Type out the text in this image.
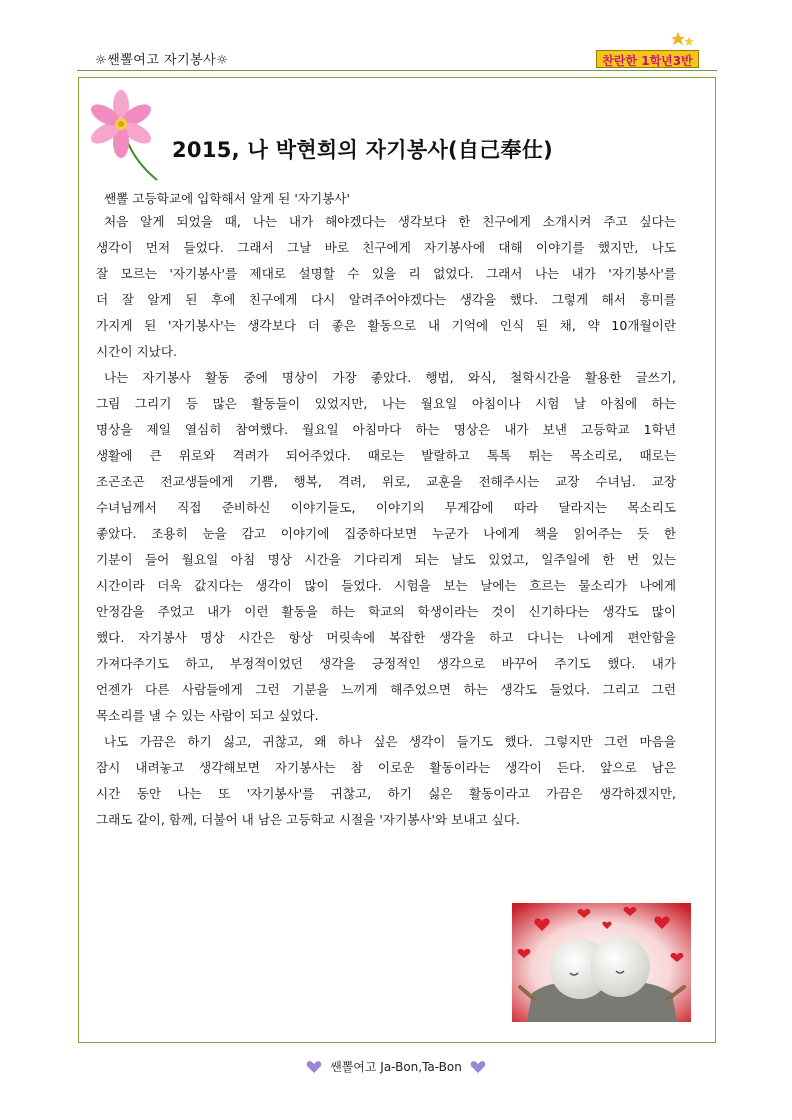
☼쌘뽈여고 자기봉사☼	찬란한 1학년3반
2015, 나 박현희의 자기봉사(自己奉仕)
쌘뽈 고등학교에 입학해서 알게 된 '자기봉사'
처음 알게 되었을 때, 나는 내가 해야겠다는 생각보다 한 친구에게 소개시켜 주고 싶다는
생각이 먼저 들었다. 그래서 그날 바로 친구에게 자기봉사에 대해 이야기를 했지만, 나도
잘 모르는 '자기봉사'를 제대로 설명할 수 있을 리 없었다. 그래서 나는 내가 '자기봉사'를
더 잘 알게 된 후에 친구에게 다시 알려주어야겠다는 생각을 했다. 그렇게 해서 흥미를
가지게 된 '자기봉사'는 생각보다 더 좋은 활동으로 내 기억에 인식 된 채, 약 10개월이란
시간이 지났다.
나는 자기봉사 활동 중에 명상이 가장 좋았다. 행법, 와식, 철학시간을 활용한 글쓰기,
그림 그리기 등 많은 활동들이 있었지만, 나는 월요일 아침이나 시험 날 아침에 하는
명상을 제일 열심히 참여했다. 월요일 아침마다 하는 명상은 내가 보낸 고등학교 1학년
생활에 큰 위로와 격려가 되어주었다. 때로는 발랄하고 톡톡 튀는 목소리로, 때로는
조곤조곤 전교생들에게 기쁨, 행복, 격려, 위로, 교훈을 전해주시는 교장 수녀님. 교장
수녀님께서 직접 준비하신 이야기들도, 이야기의 무게감에 따라 달라지는 목소리도
좋았다. 조용히 눈을 감고 이야기에 집중하다보면 누군가 나에게 책을 읽어주는 듯 한
기분이 들어 월요일 아침 명상 시간을 기다리게 되는 날도 있었고, 일주일에 한 번 있는
시간이라 더욱 값지다는 생각이 많이 들었다. 시험을 보는 날에는 흐르는 물소리가 나에게
안정감을 주었고 내가 이런 활동을 하는 학교의 학생이라는 것이 신기하다는 생각도 많이
했다. 자기봉사 명상 시간은 항상 머릿속에 복잡한 생각을 하고 다니는 나에게 편안함을
가져다주기도 하고, 부정적이었던 생각을 긍정적인 생각으로 바꾸어 주기도 했다. 내가
언젠가 다른 사람들에게 그런 기분을 느끼게 해주었으면 하는 생각도 들었다. 그리고 그런
목소리를 낼 수 있는 사람이 되고 싶었다.
나도 가끔은 하기 싫고, 귀찮고, 왜 하나 싶은 생각이 들기도 했다. 그렇지만 그런 마음을
잠시 내려놓고 생각해보면 자기봉사는 참 이로운 활동이라는 생각이 든다. 앞으로 남은
시간 동안 나는 또 '자기봉사'를 귀찮고, 하기 싫은 활동이라고 가끔은 생각하겠지만,
그래도 같이, 함께, 더불어 내 남은 고등학교 시절을 '자기봉사'와 보내고 싶다.
쌘뽈여고 Ja-Bon,Ta-Bon
